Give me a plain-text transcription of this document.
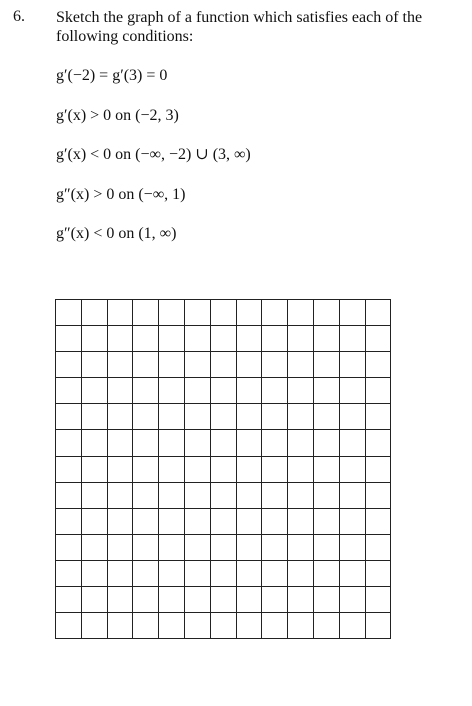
6. Sketch the graph of a function which satisfies each of the following conditions:
g′(−2) = g′(3) = 0
g′(x) > 0 on (−2, 3)
g′(x) < 0 on (−∞, −2) ∪ (3, ∞)
g″(x) > 0 on (−∞, 1)
g″(x) < 0 on (1, ∞)
